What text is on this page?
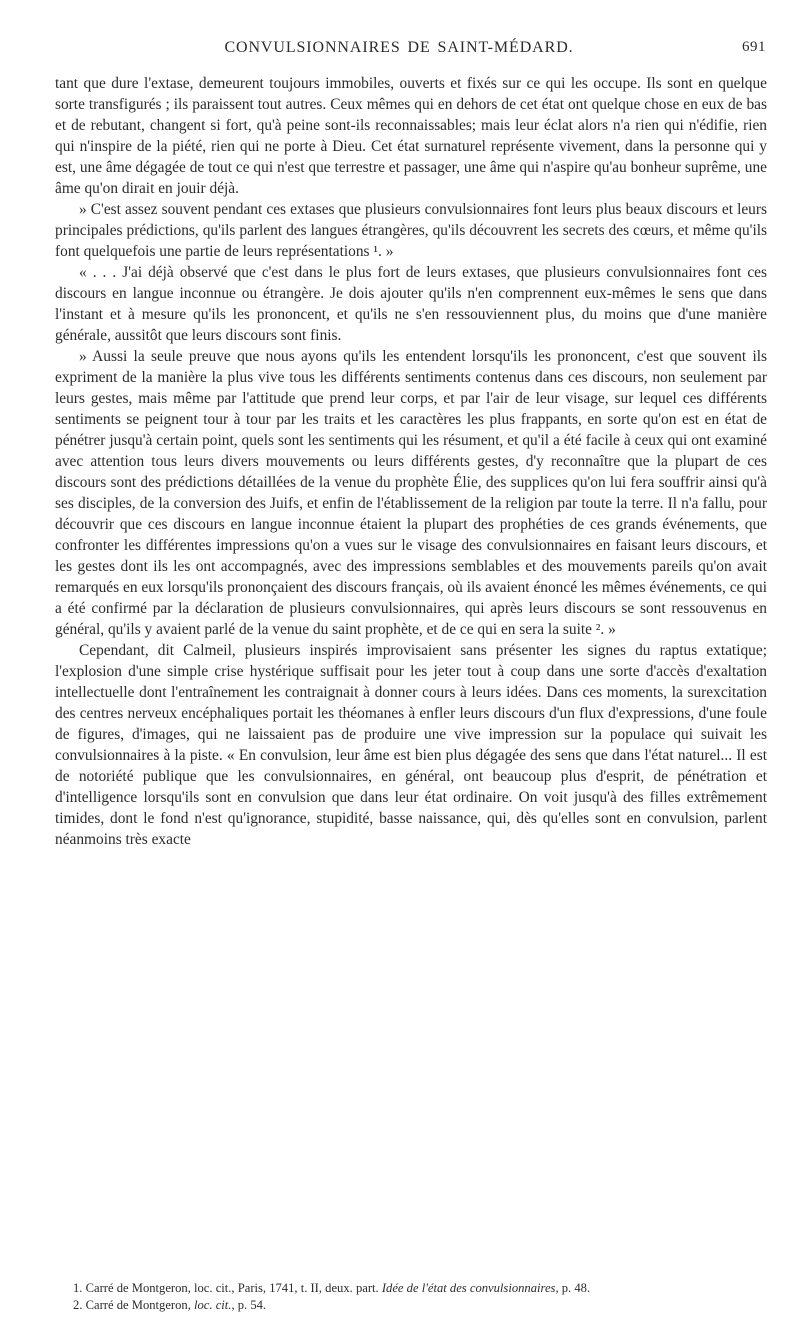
CONVULSIONNAIRES DE SAINT-MÉDARD.	691

tant que dure l'extase, demeurent toujours immobiles, ouverts et fixés sur ce qui les occupe. Ils sont en quelque sorte transfigurés ; ils paraissent tout autres. Ceux mêmes qui en dehors de cet état ont quelque chose en eux de bas et de rebutant, changent si fort, qu'à peine sont-ils reconnaissables; mais leur éclat alors n'a rien qui n'édifie, rien qui n'inspire de la piété, rien qui ne porte à Dieu. Cet état surnaturel représente vivement, dans la personne qui y est, une âme dégagée de tout ce qui n'est que terrestre et passager, une âme qui n'aspire qu'au bonheur suprême, une âme qu'on dirait en jouir déjà.

» C'est assez souvent pendant ces extases que plusieurs convulsionnaires font leurs plus beaux discours et leurs principales prédictions, qu'ils parlent des langues étrangères, qu'ils découvrent les secrets des cœurs, et même qu'ils font quelquefois une partie de leurs représentations ¹. »

« . . . J'ai déjà observé que c'est dans le plus fort de leurs extases, que plusieurs convulsionnaires font ces discours en langue inconnue ou étrangère. Je dois ajouter qu'ils n'en comprennent eux-mêmes le sens que dans l'instant et à mesure qu'ils les prononcent, et qu'ils ne s'en ressouviennent plus, du moins que d'une manière générale, aussitôt que leurs discours sont finis.

» Aussi la seule preuve que nous ayons qu'ils les entendent lorsqu'ils les prononcent, c'est que souvent ils expriment de la manière la plus vive tous les différents sentiments contenus dans ces discours, non seulement par leurs gestes, mais même par l'attitude que prend leur corps, et par l'air de leur visage, sur lequel ces différents sentiments se peignent tour à tour par les traits et les caractères les plus frappants, en sorte qu'on est en état de pénétrer jusqu'à certain point, quels sont les sentiments qui les résument, et qu'il a été facile à ceux qui ont examiné avec attention tous leurs divers mouvements ou leurs différents gestes, d'y reconnaître que la plupart de ces discours sont des prédictions détaillées de la venue du prophète Élie, des supplices qu'on lui fera souffrir ainsi qu'à ses disciples, de la conversion des Juifs, et enfin de l'établissement de la religion par toute la terre. Il n'a fallu, pour découvrir que ces discours en langue inconnue étaient la plupart des prophéties de ces grands événements, que confronter les différentes impressions qu'on a vues sur le visage des convulsionnaires en faisant leurs discours, et les gestes dont ils les ont accompagnés, avec des impressions semblables et des mouvements pareils qu'on avait remarqués en eux lorsqu'ils prononçaient des discours français, où ils avaient énoncé les mêmes événements, ce qui a été confirmé par la déclaration de plusieurs convulsionnaires, qui après leurs discours se sont ressouvenus en général, qu'ils y avaient parlé de la venue du saint prophète, et de ce qui en sera la suite ². »

Cependant, dit Calmeil, plusieurs inspirés improvisaient sans présenter les signes du raptus extatique; l'explosion d'une simple crise hystérique suffisait pour les jeter tout à coup dans une sorte d'accès d'exaltation intellectuelle dont l'entraînement les contraignait à donner cours à leurs idées. Dans ces moments, la surexcitation des centres nerveux encéphaliques portait les théomanes à enfler leurs discours d'un flux d'expressions, d'une foule de figures, d'images, qui ne laissaient pas de produire une vive impression sur la populace qui suivait les convulsionnaires à la piste. « En convulsion, leur âme est bien plus dégagée des sens que dans l'état naturel... Il est de notoriété publique que les convulsionnaires, en général, ont beaucoup plus d'esprit, de pénétration et d'intelligence lorsqu'ils sont en convulsion que dans leur état ordinaire. On voit jusqu'à des filles extrêmement timides, dont le fond n'est qu'ignorance, stupidité, basse naissance, qui, dès qu'elles sont en convulsion, parlent néanmoins très exacte

1. Carré de Montgeron, loc. cit., Paris, 1741, t. II, deux. part. Idée de l'état des convulsionnaires, p. 48.

2. Carré de Montgeron, loc. cit., p. 54.
